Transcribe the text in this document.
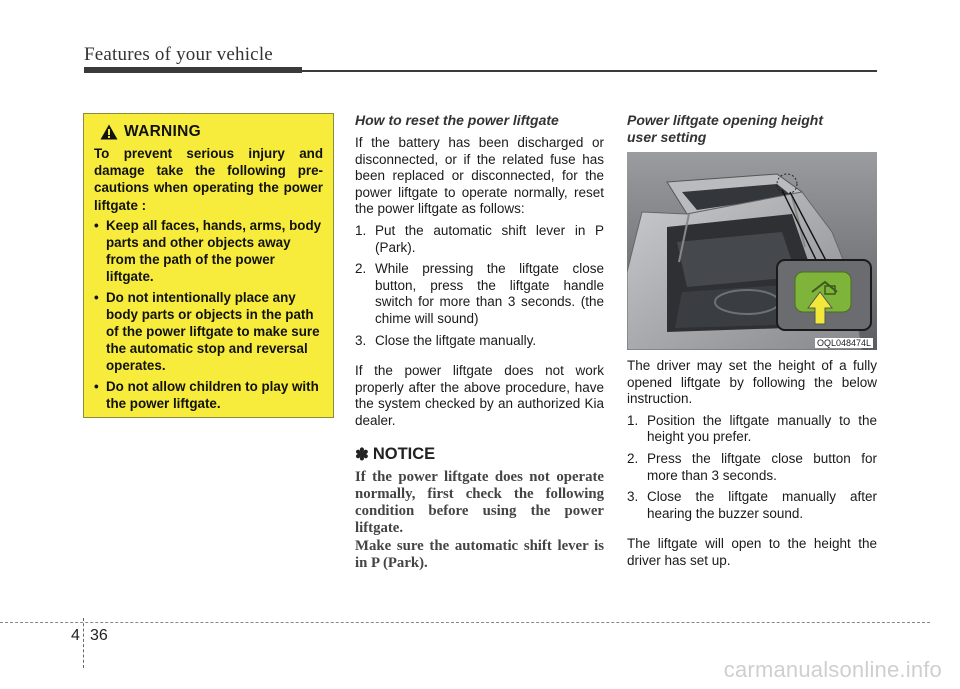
Features of your vehicle
WARNING
To prevent serious injury and damage take the following pre-cautions when operating the power liftgate :
• Keep all faces, hands, arms, body parts and other objects away from the path of the power liftgate.
• Do not intentionally place any body parts or objects in the path of the power liftgate to make sure the automatic stop and reversal operates.
• Do not allow children to play with the power liftgate.
How to reset the power liftgate
If the battery has been discharged or disconnected, or if the related fuse has been replaced or disconnected, for the power liftgate to operate normally, reset the power liftgate as follows:
1. Put the automatic shift lever in P (Park).
2. While pressing the liftgate close button, press the liftgate handle switch for more than 3 seconds. (the chime will sound)
3. Close the liftgate manually.
If the power liftgate does not work properly after the above procedure, have the system checked by an authorized Kia dealer.
✽ NOTICE
If the power liftgate does not operate normally, first check the following condition before using the power liftgate.
Make sure the automatic shift lever is in P (Park).
Power liftgate opening height
user setting
OQL048474L
The driver may set the height of a fully opened liftgate by following the below instruction.
1. Position the liftgate manually to the height you prefer.
2. Press the liftgate close button for more than 3 seconds.
3. Close the liftgate manually after hearing the buzzer sound.
The liftgate will open to the height the driver has set up.
4 36
carmanualsonline.info
